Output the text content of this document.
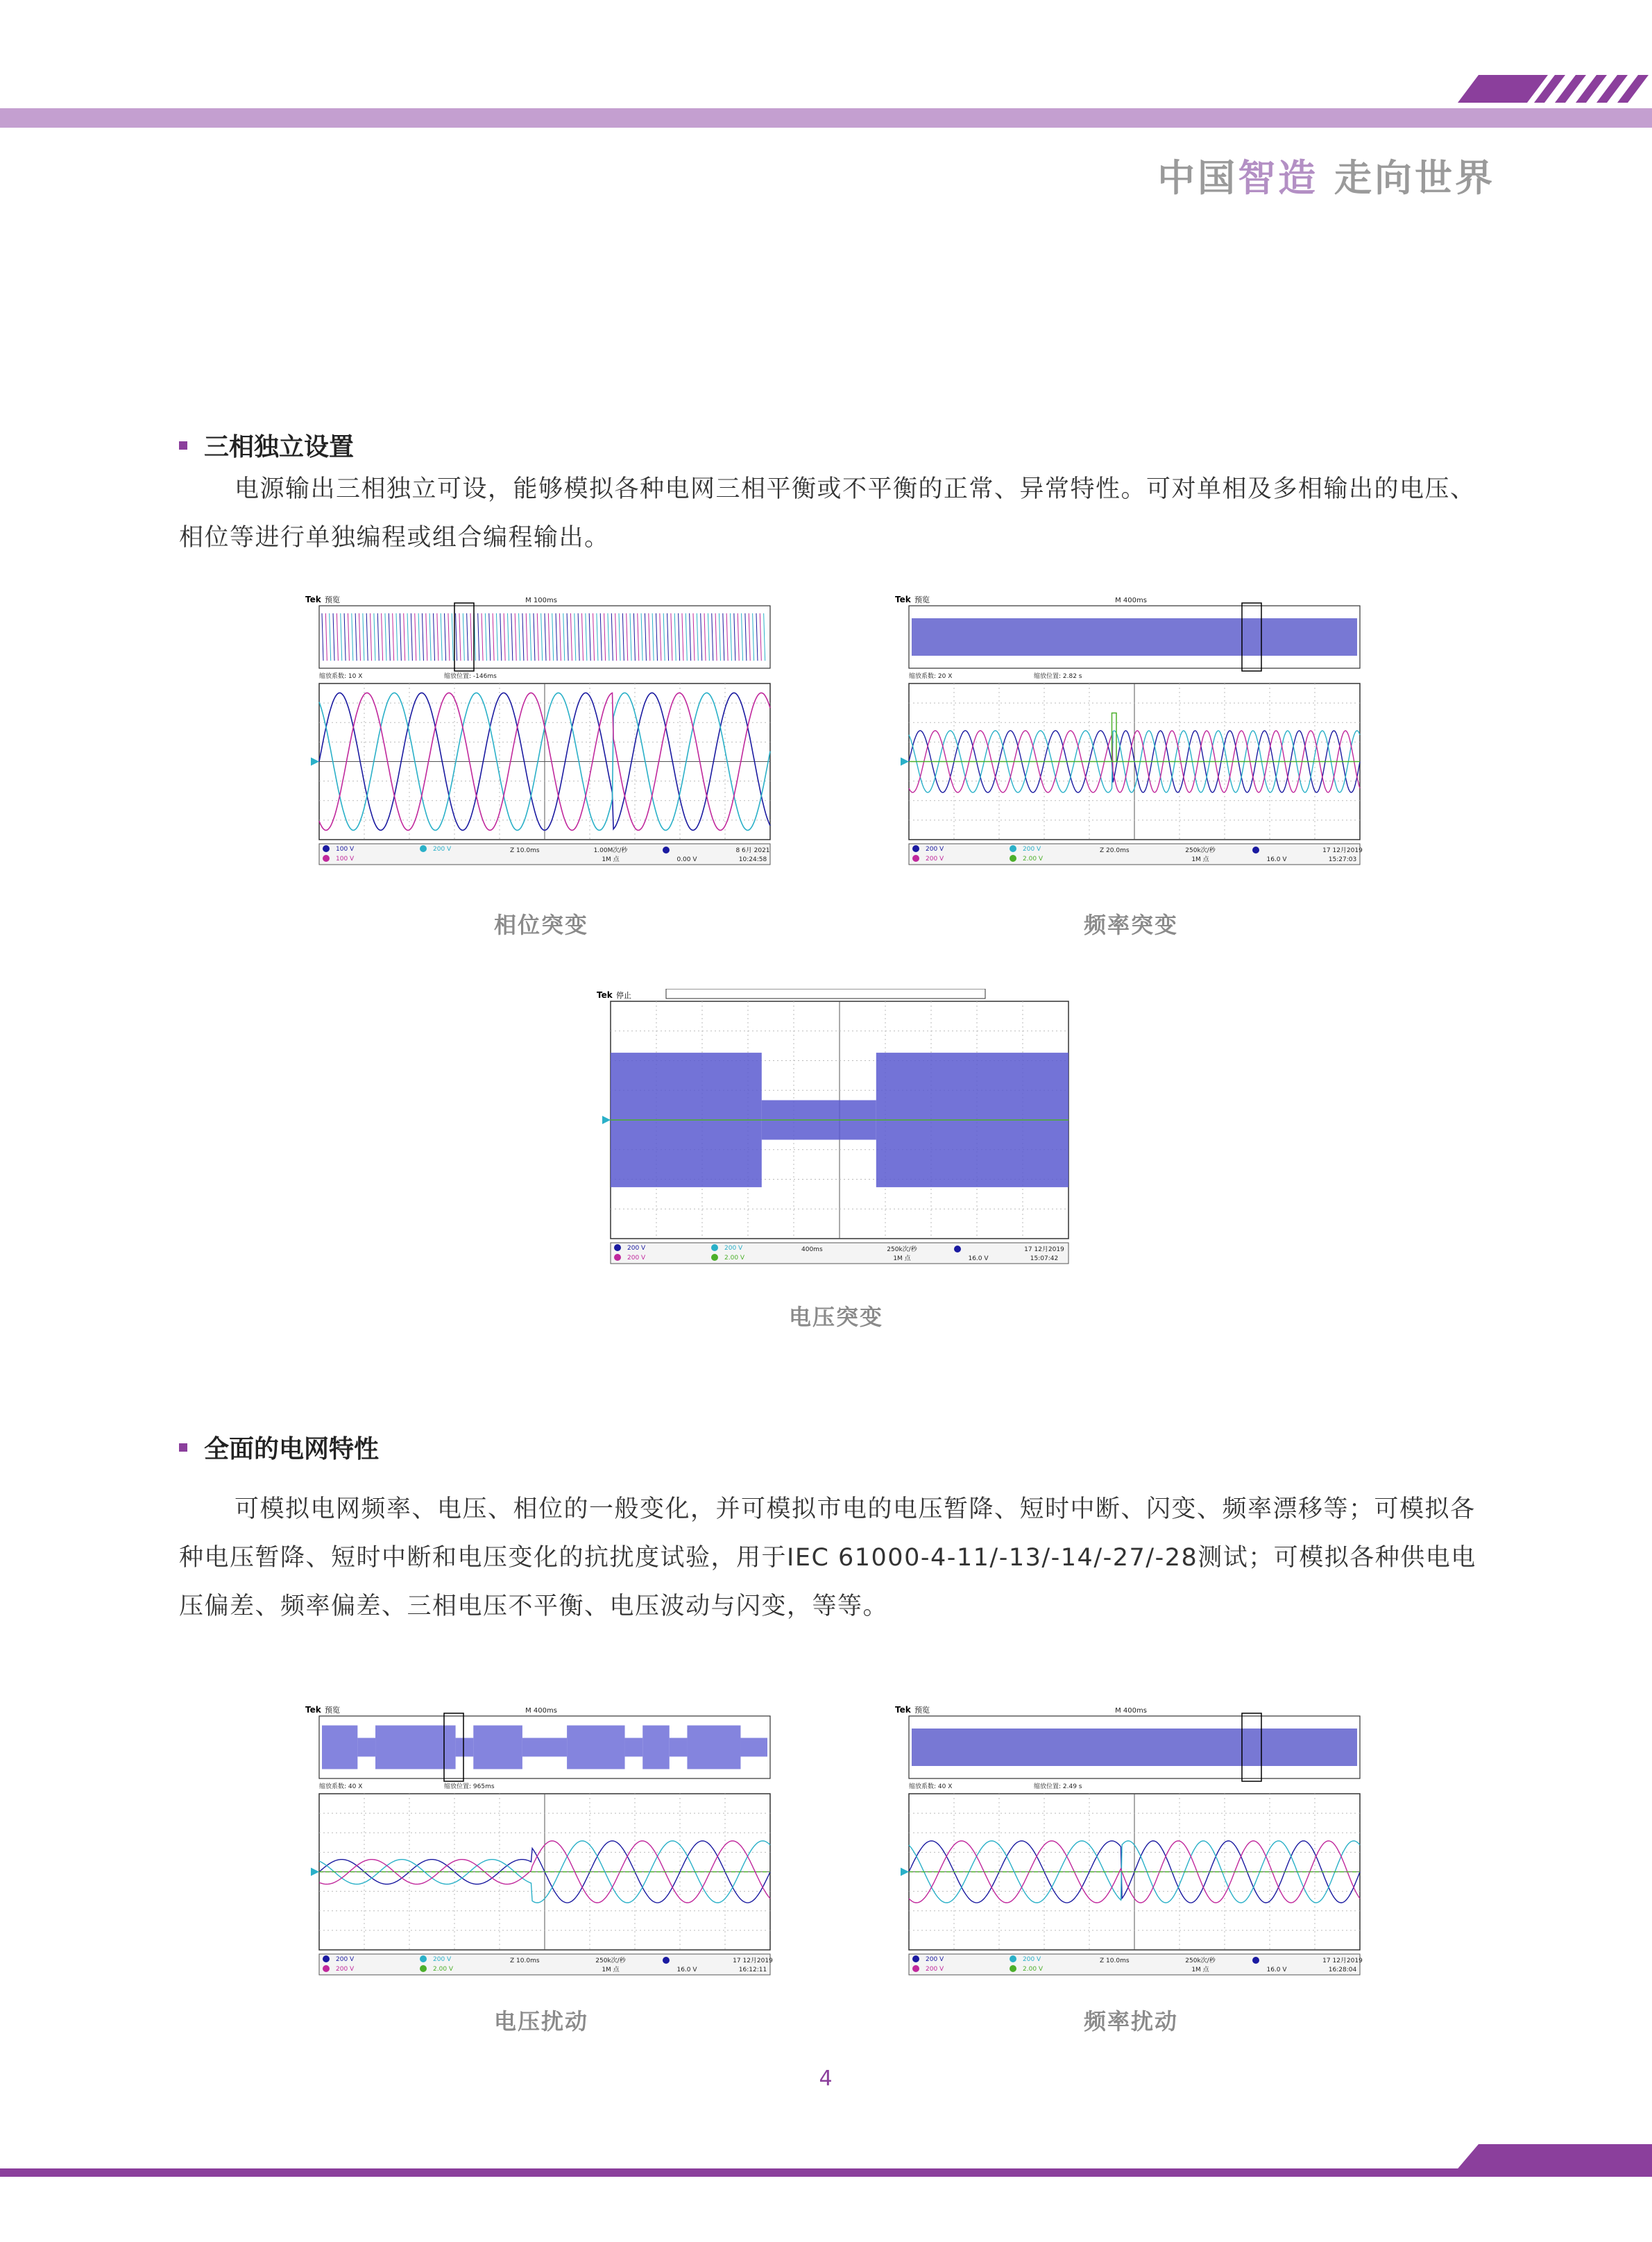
中国智造 走向世界
三相独立设置
电源输出三相独立可设，能够模拟各种电网三相平衡或不平衡的正常、异常特性。可对单相及多相输出的电压、相位等进行单独编程或组合编程输出。
Tek 预览	M 100ms
缩放系数: 10 X	缩放位置: -146ms
100 V
100 V
200 V	Z 10.0ms	1.00M次/秒
1M 点	0.00 V
8 6月 2021
10:24:58
相位突变
Tek 预览	M 400ms
缩放系数: 20 X	缩放位置: 2.82 s
200 V
200 V
200 V
2.00 V
Z 20.0ms	250k次/秒
1M 点	16.0 V
17 12月2019
15:27:03
频率突变
Tek 停止
200 V
200 V
200 V
2.00 V
400ms	250k次/秒
1M 点	16.0 V
17 12月2019
15:07:42
电压突变
全面的电网特性
可模拟电网频率、电压、相位的一般变化，并可模拟市电的电压暂降、短时中断、闪变、频率漂移等；可模拟各种电压暂降、短时中断和电压变化的抗扰度试验，用于IEC 61000-4-11/-13/-14/-27/-28测试；可模拟各种供电电压偏差、频率偏差、三相电压不平衡、电压波动与闪变，等等。
Tek 预览	M 400ms
缩放系数: 40 X	缩放位置: 965ms
200 V
200 V
200 V
2.00 V
Z 10.0ms	250k次/秒
1M 点	16.0 V
17 12月2019
16:12:11
电压扰动
Tek 预览	M 400ms
缩放系数: 40 X	缩放位置: 2.49 s
200 V
200 V
200 V
2.00 V
Z 10.0ms	250k次/秒
1M 点	16.0 V
17 12月2019
16:28:04
频率扰动
4
